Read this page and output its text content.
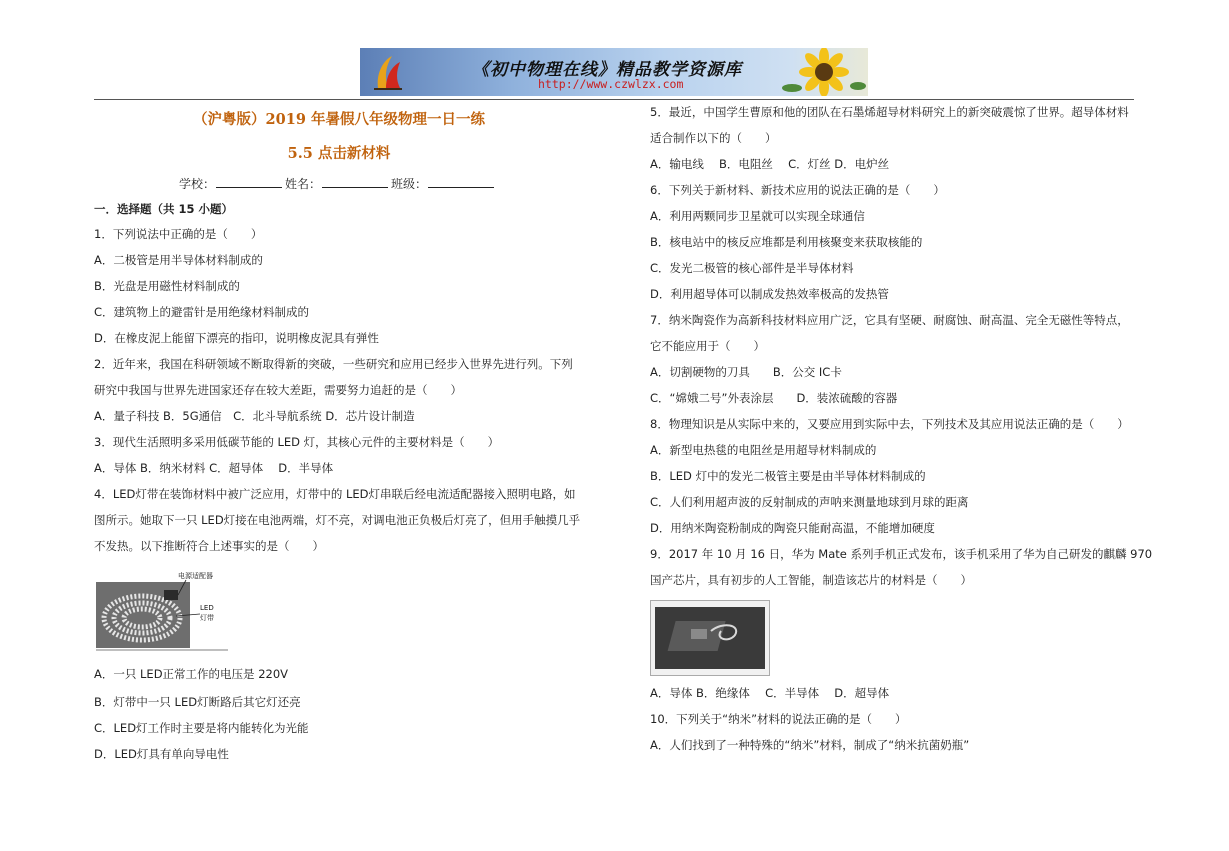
《初中物理在线》精品教学资源库
http://www.czwlzx.com
（沪粤版）2019 年暑假八年级物理一日一练
5.5 点击新材料
学校：	姓名：	班级：
一．选择题（共 15 小题）
1．下列说法中正确的是（　　）
A．二极管是用半导体材料制成的
B．光盘是用磁性材料制成的
C．建筑物上的避雷针是用绝缘材料制成的
D．在橡皮泥上能留下漂亮的指印，说明橡皮泥具有弹性
2．近年来，我国在科研领域不断取得新的突破，一些研究和应用已经步入世界先进行列。下列
研究中我国与世界先进国家还存在较大差距，需要努力追赶的是（　　）
A．量子科技 B．5G通信　C．北斗导航系统 D．芯片设计制造
3．现代生活照明多采用低碳节能的 LED 灯，其核心元件的主要材料是（　　）
A．导体 B．纳米材料 C．超导体　 D．半导体
4．LED灯带在装饰材料中被广泛应用，灯带中的 LED灯串联后经电流适配器接入照明电路，如
图所示。她取下一只 LED灯接在电池两端，灯不亮，对调电池正负极后灯亮了，但用手触摸几乎
不发热。以下推断符合上述事实的是（　　）
A．一只 LED正常工作的电压是 220V
B．灯带中一只 LED灯断路后其它灯还亮
C．LED灯工作时主要是将内能转化为光能
D．LED灯具有单向导电性
电源适配器
LED
灯带
5．最近，中国学生曹原和他的团队在石墨烯超导材料研究上的新突破震惊了世界。超导体材料
适合制作以下的（　　）
A．输电线　 B．电阻丝　 C．灯丝 D．电炉丝
6．下列关于新材料、新技术应用的说法正确的是（　　）
A．利用两颗同步卫星就可以实现全球通信
B．核电站中的核反应堆都是利用核聚变来获取核能的
C．发光二极管的核心部件是半导体材料
D．利用超导体可以制成发热效率极高的发热管
7．纳米陶瓷作为高新科技材料应用广泛，它具有坚硬、耐腐蚀、耐高温、完全无磁性等特点，
它不能应用于（　　）
A．切割硬物的刀具　　B．公交 IC卡
C．“嫦娥二号”外表涂层　　D．装浓硫酸的容器
8．物理知识是从实际中来的，又要应用到实际中去，下列技术及其应用说法正确的是（　　）
A．新型电热毯的电阻丝是用超导材料制成的
B．LED 灯中的发光二极管主要是由半导体材料制成的
C．人们利用超声波的反射制成的声呐来测量地球到月球的距离
D．用纳米陶瓷粉制成的陶瓷只能耐高温，不能增加硬度
9．2017 年 10 月 16 日，华为 Mate 系列手机正式发布，该手机采用了华为自己研发的麒麟 970
国产芯片，具有初步的人工智能，制造该芯片的材料是（　　）
A．导体 B．绝缘体　 C．半导体　 D．超导体
10．下列关于“纳米”材料的说法正确的是（　　）
A．人们找到了一种特殊的“纳米”材料，制成了“纳米抗菌奶瓶”
